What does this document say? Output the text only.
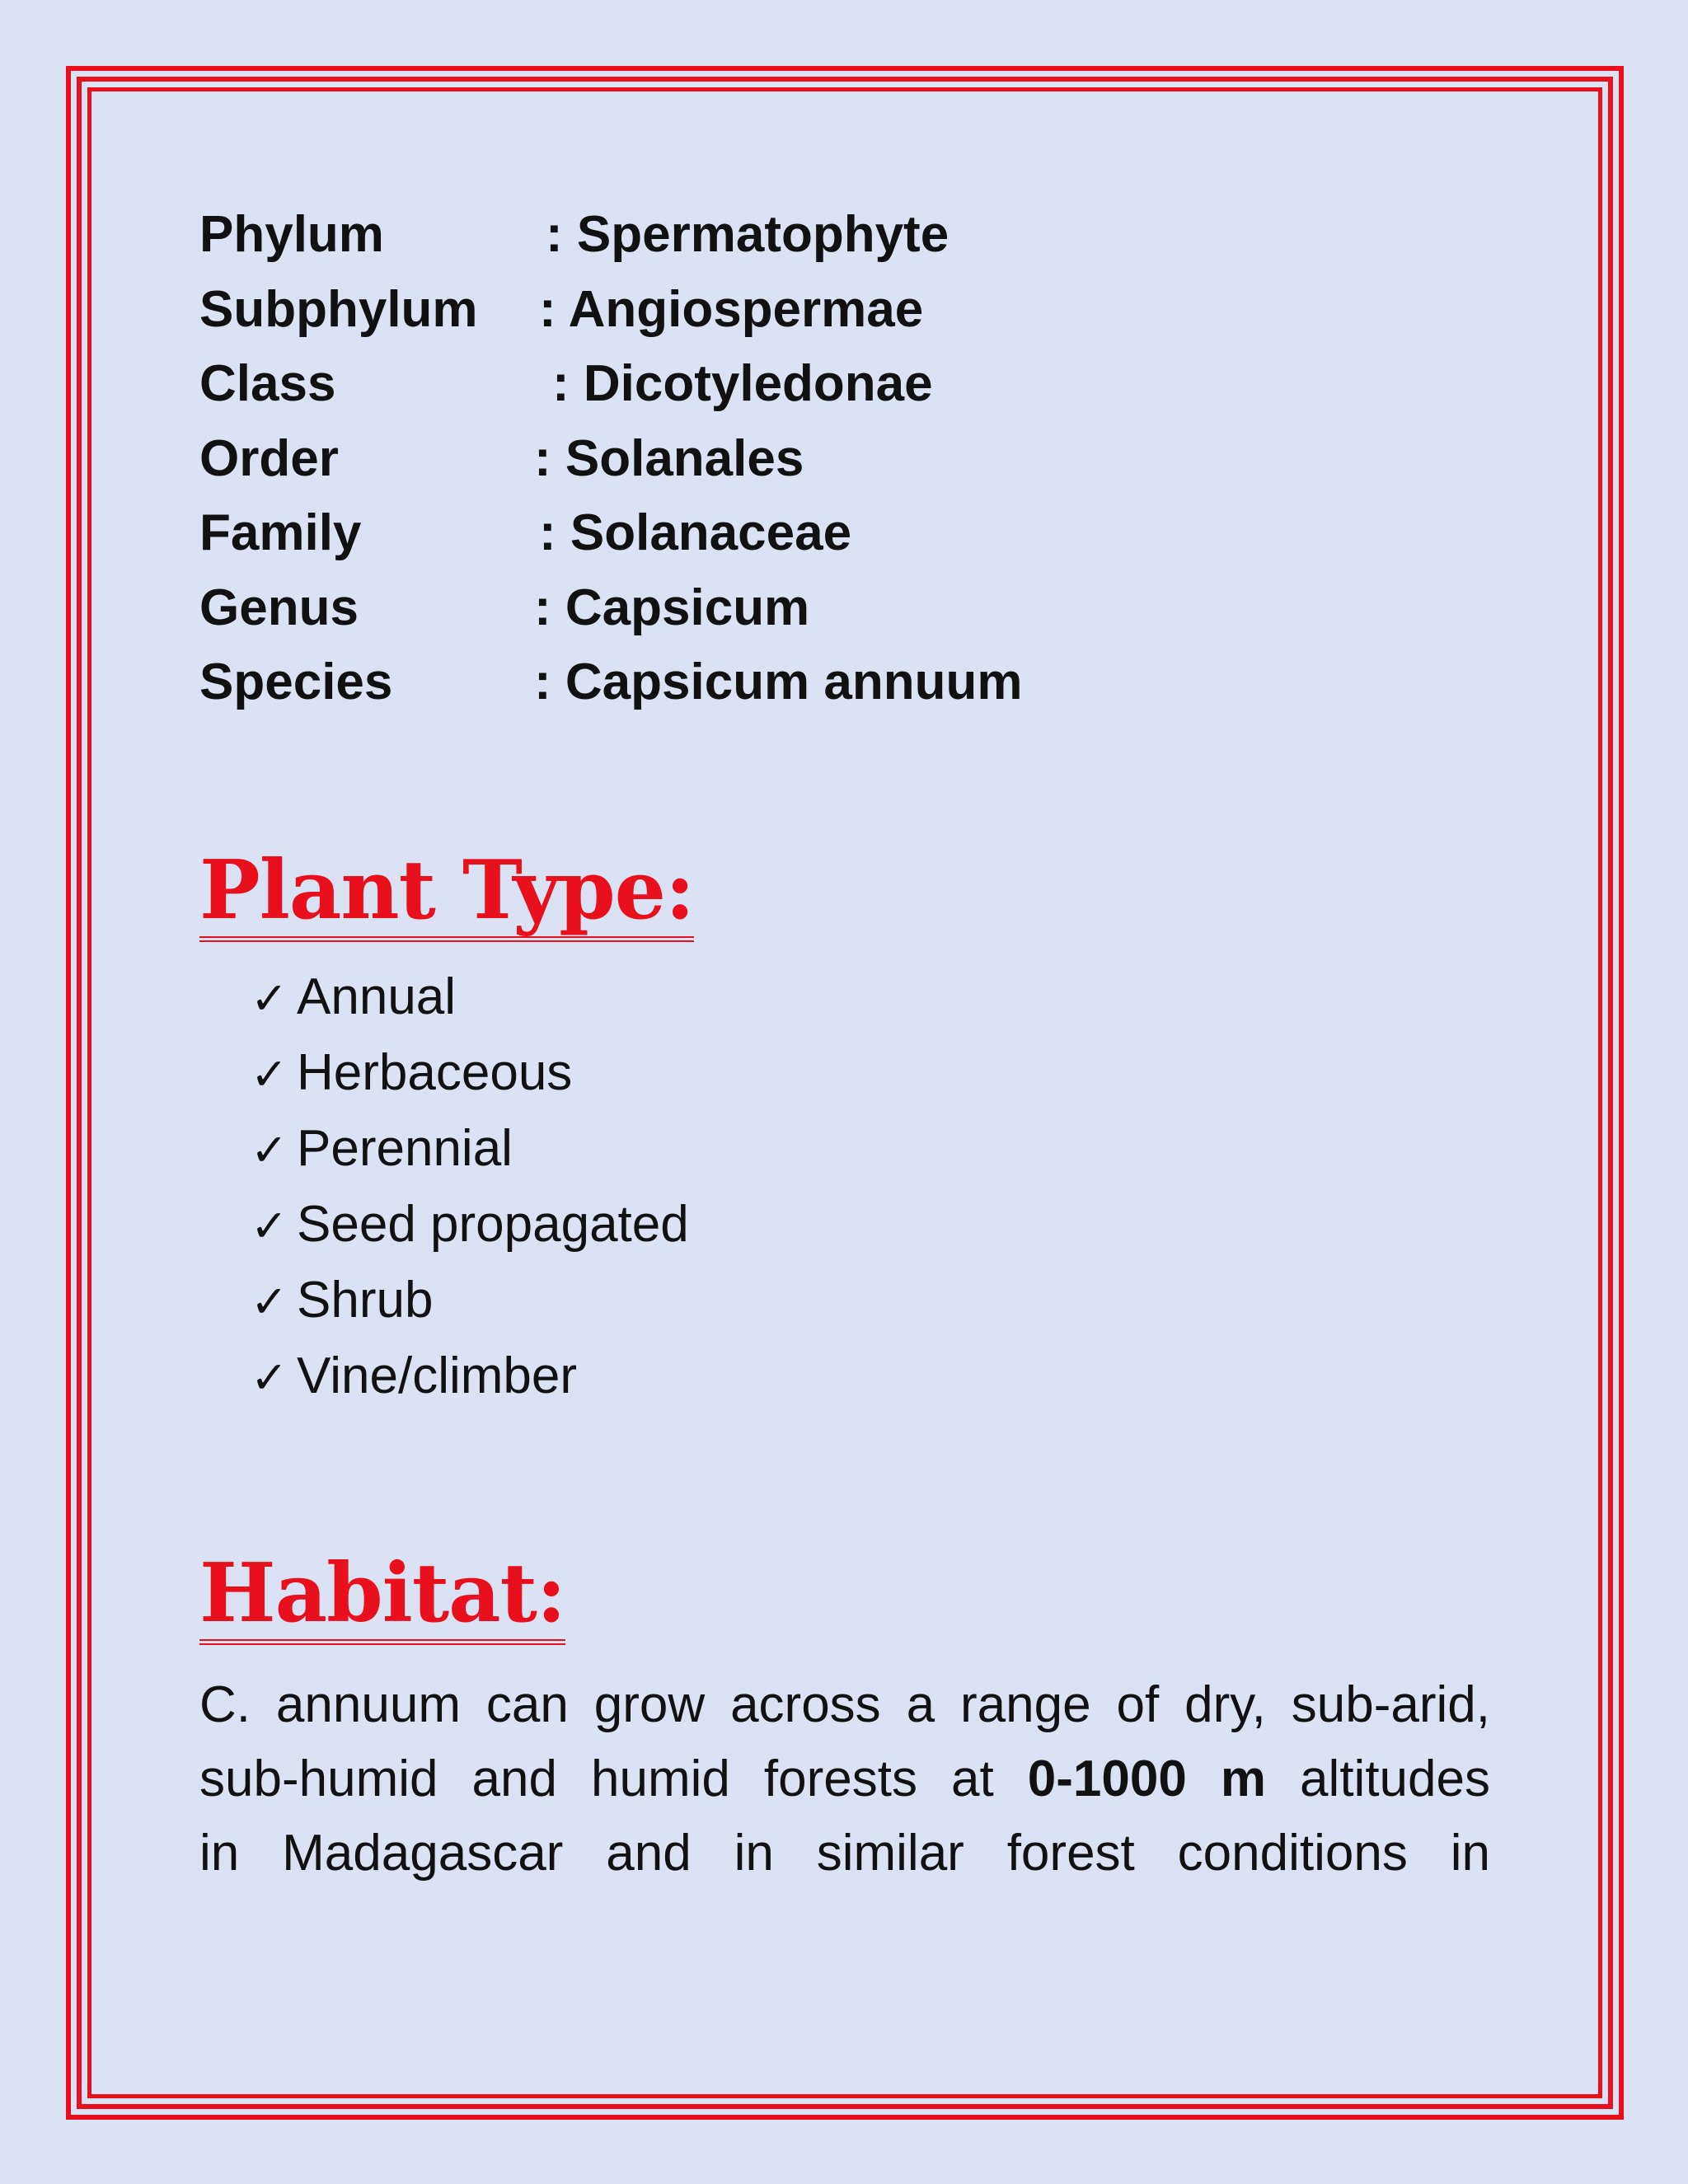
Phylum	: Spermatophyte
Subphylum	: Angiospermae
Class	: Dicotyledonae
Order	: Solanales
Family	: Solanaceae
Genus	: Capsicum
Species	: Capsicum annuum
Plant Type:
✓ Annual
✓ Herbaceous
✓ Perennial
✓ Seed propagated
✓ Shrub
✓ Vine/climber
Habitat:
C. annuum can grow across a range of dry, sub-arid,
sub-humid and humid forests at 0-1000 m altitudes
in Madagascar and in similar forest conditions in
